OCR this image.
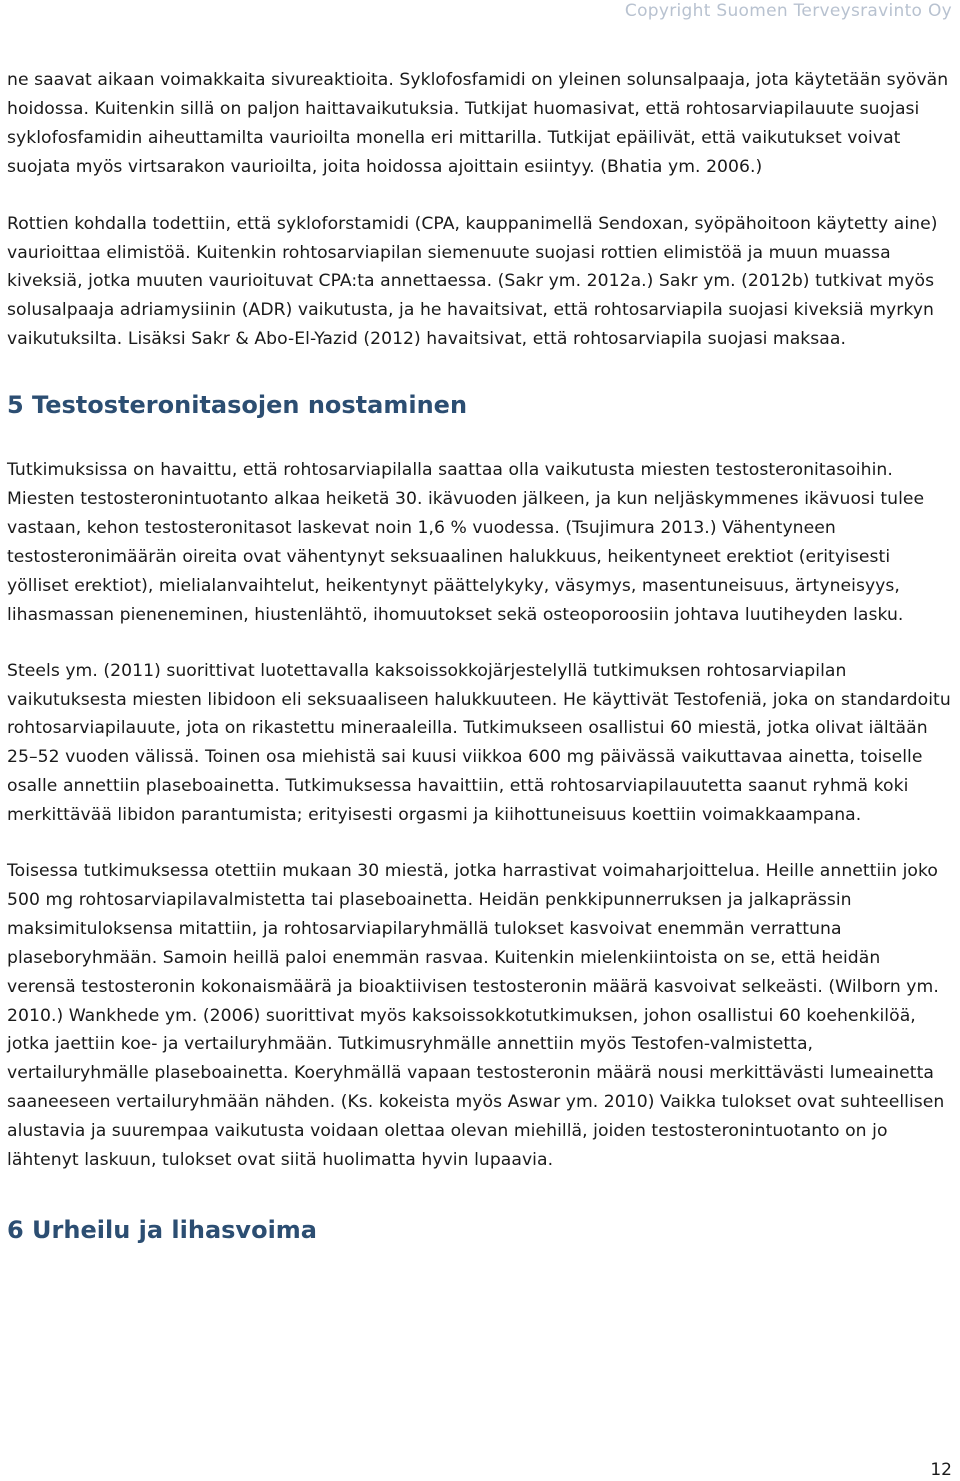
Copyright Suomen Terveysravinto Oy

ne saavat aikaan voimakkaita sivureaktioita. Syklofosfamidi on yleinen solunsalpaaja, jota käytetään syövän hoidossa. Kuitenkin sillä on paljon haittavaikutuksia. Tutkijat huomasivat, että rohtosarviapilauute suojasi syklofosfamidin aiheuttamilta vaurioilta monella eri mittarilla. Tutkijat epäilivät, että vaikutukset voivat suojata myös virtsarakon vaurioilta, joita hoidossa ajoittain esiintyy. (Bhatia ym. 2006.)

Rottien kohdalla todettiin, että sykloforstamidi (CPA, kauppanimellä Sendoxan, syöpähoitoon käytetty aine) vaurioittaa elimistöä. Kuitenkin rohtosarviapilan siemenuute suojasi rottien elimistöä ja muun muassa kiveksiä, jotka muuten vaurioituvat CPA:ta annettaessa. (Sakr ym. 2012a.) Sakr ym. (2012b) tutkivat myös solusalpaaja adriamysiinin (ADR) vaikutusta, ja he havaitsivat, että rohtosarviapila suojasi kiveksiä myrkyn vaikutuksilta. Lisäksi Sakr & Abo-El-Yazid (2012) havaitsivat, että rohtosarviapila suojasi maksaa.

5 Testosteronitasojen nostaminen

Tutkimuksissa on havaittu, että rohtosarviapilalla saattaa olla vaikutusta miesten testosteronitasoihin. Miesten testosteronintuotanto alkaa heiketä 30. ikävuoden jälkeen, ja kun neljäskymmenes ikävuosi tulee vastaan, kehon testosteronitasot laskevat noin 1,6 % vuodessa. (Tsujimura 2013.) Vähentyneen testosteronimäärän oireita ovat vähentynyt seksuaalinen halukkuus, heikentyneet erektiot (erityisesti yölliset erektiot), mielialanvaihtelut, heikentynyt päättelykyky, väsymys, masentuneisuus, ärtyneisyys, lihasmassan pieneneminen, hiustenlähtö, ihomuutokset sekä osteoporoosiin johtava luutiheyden lasku.

Steels ym. (2011) suorittivat luotettavalla kaksoissokkojärjestelyllä tutkimuksen rohtosarviapilan vaikutuksesta miesten libidoon eli seksuaaliseen halukkuuteen. He käyttivät Testofeniä, joka on standardoitu rohtosarviapilauute, jota on rikastettu mineraaleilla. Tutkimukseen osallistui 60 miestä, jotka olivat iältään 25–52 vuoden välissä. Toinen osa miehistä sai kuusi viikkoa 600 mg päivässä vaikuttavaa ainetta, toiselle osalle annettiin plaseboainetta. Tutkimuksessa havaittiin, että rohtosarviapilauutetta saanut ryhmä koki merkittävää libidon parantumista; erityisesti orgasmi ja kiihottuneisuus koettiin voimakkaampana.

Toisessa tutkimuksessa otettiin mukaan 30 miestä, jotka harrastivat voimaharjoittelua. Heille annettiin joko 500 mg rohtosarviapilavalmistetta tai plaseboainetta. Heidän penkkipunnerruksen ja jalkaprässin maksimituloksensa mitattiin, ja rohtosarviapilaryhmällä tulokset kasvoivat enemmän verrattuna plaseboryhmään. Samoin heillä paloi enemmän rasvaa. Kuitenkin mielenkiintoista on se, että heidän verensä testosteronin kokonaismäärä ja bioaktiivisen testosteronin määrä kasvoivat selkeästi. (Wilborn ym. 2010.) Wankhede ym. (2006) suorittivat myös kaksoissokkotutkimuksen, johon osallistui 60 koehenkilöä, jotka jaettiin koe- ja vertailuryhmään. Tutkimusryhmälle annettiin myös Testofen-valmistetta, vertailuryhmälle plaseboainetta. Koeryhmällä vapaan testosteronin määrä nousi merkittävästi lumeainetta saaneeseen vertailuryhmään nähden. (Ks. kokeista myös Aswar ym. 2010) Vaikka tulokset ovat suhteellisen alustavia ja suurempaa vaikutusta voidaan olettaa olevan miehillä, joiden testosteronintuotanto on jo lähtenyt laskuun, tulokset ovat siitä huolimatta hyvin lupaavia.

6 Urheilu ja lihasvoima
12
